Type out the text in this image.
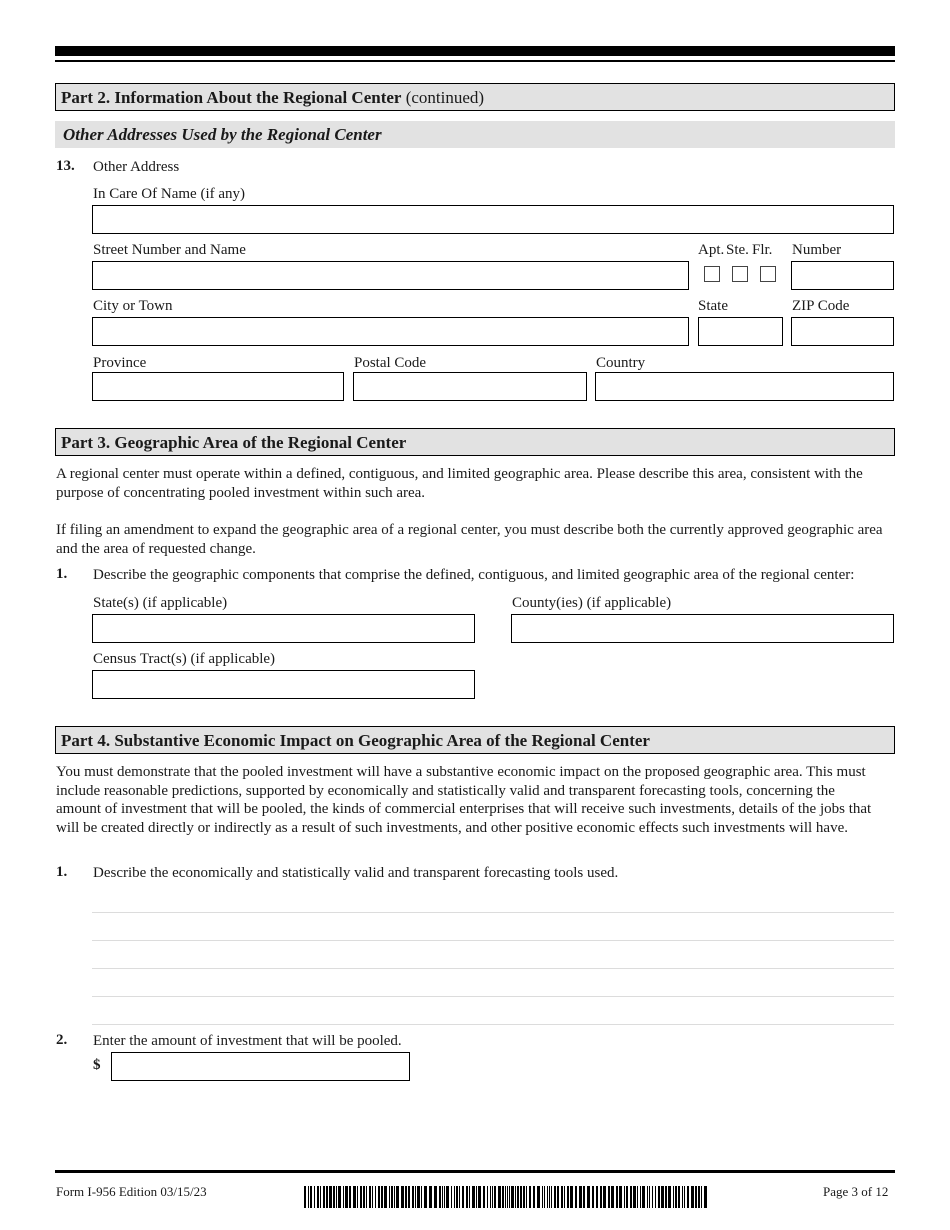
Part 2. Information About the Regional Center (continued)
Other Addresses Used by the Regional Center
13. Other Address
In Care Of Name (if any)
Street Number and Name	Apt. Ste. Flr. Number
City or Town	State	ZIP Code
Province	Postal Code	Country
Part 3. Geographic Area of the Regional Center
A regional center must operate within a defined, contiguous, and limited geographic area. Please describe this area, consistent with the purpose of concentrating pooled investment within such area.
If filing an amendment to expand the geographic area of a regional center, you must describe both the currently approved geographic area and the area of requested change.
1. Describe the geographic components that comprise the defined, contiguous, and limited geographic area of the regional center:
State(s) (if applicable)	County(ies) (if applicable)
Census Tract(s) (if applicable)
Part 4. Substantive Economic Impact on Geographic Area of the Regional Center
You must demonstrate that the pooled investment will have a substantive economic impact on the proposed geographic area. This must include reasonable predictions, supported by economically and statistically valid and transparent forecasting tools, concerning the amount of investment that will be pooled, the kinds of commercial enterprises that will receive such investments, details of the jobs that will be created directly or indirectly as a result of such investments, and other positive economic effects such investments will have.
1. Describe the economically and statistically valid and transparent forecasting tools used.
2. Enter the amount of investment that will be pooled.
$
Form I-956 Edition 03/15/23	Page 3 of 12
